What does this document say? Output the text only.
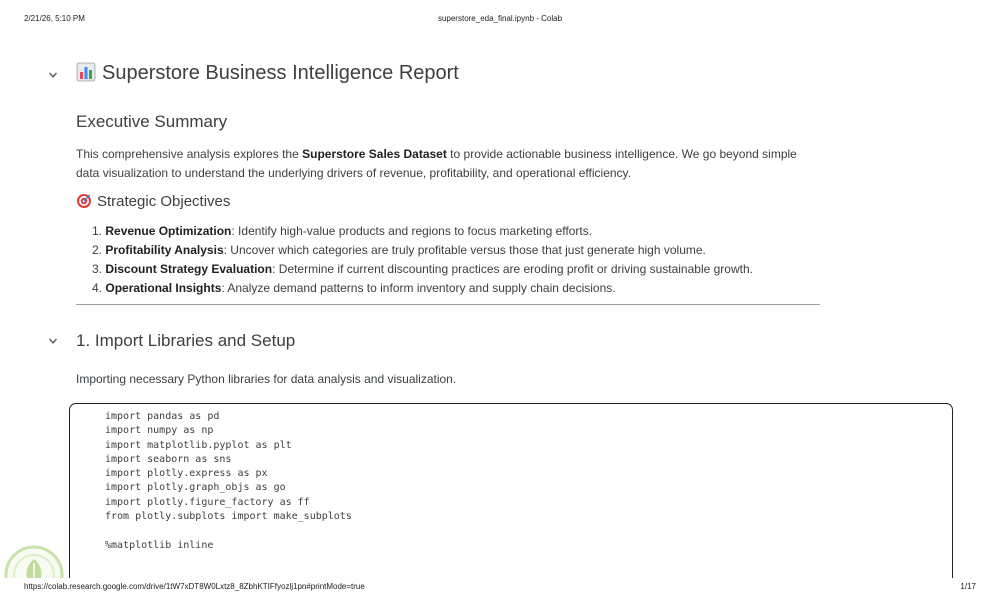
2/21/26, 5:10 PM	superstore_eda_final.ipynb - Colab
Superstore Business Intelligence Report
Executive Summary
This comprehensive analysis explores the Superstore Sales Dataset to provide actionable business intelligence. We go beyond simple data visualization to understand the underlying drivers of revenue, profitability, and operational efficiency.
Strategic Objectives
1. Revenue Optimization: Identify high-value products and regions to focus marketing efforts.
2. Profitability Analysis: Uncover which categories are truly profitable versus those that just generate high volume.
3. Discount Strategy Evaluation: Determine if current discounting practices are eroding profit or driving sustainable growth.
4. Operational Insights: Analyze demand patterns to inform inventory and supply chain decisions.
1. Import Libraries and Setup
Importing necessary Python libraries for data analysis and visualization.
import pandas as pd
import numpy as np
import matplotlib.pyplot as plt
import seaborn as sns
import plotly.express as px
import plotly.graph_objs as go
import plotly.figure_factory as ff
from plotly.subplots import make_subplots
%matplotlib inline
https://colab.research.google.com/drive/1tW7xDT8W0Lxtz8_8ZbhKTIFfyozlj1pn#printMode=true	1/17
